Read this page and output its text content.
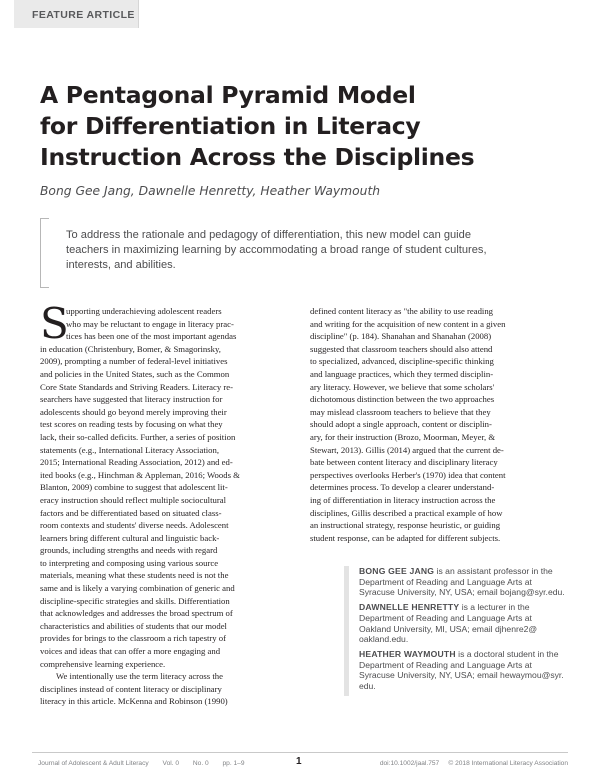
FEATURE ARTICLE
A Pentagonal Pyramid Model
for Differentiation in Literacy
Instruction Across the Disciplines
Bong Gee Jang, Dawnelle Henretty, Heather Waymouth
To address the rationale and pedagogy of differentiation, this new model can guide
teachers in maximizing learning by accommodating a broad range of student cultures,
interests, and abilities.
S
upporting underachieving adolescent readers
who may be reluctant to engage in literacy prac-
tices has been one of the most important agendas
in education (Christenbury, Bomer, & Smagorinsky,
2009), prompting a number of federal-level initiatives
and policies in the United States, such as the Common
Core State Standards and Striving Readers. Literacy re-
searchers have suggested that literacy instruction for
adolescents should go beyond merely improving their
test scores on reading tests by focusing on what they
lack, their so-called deficits. Further, a series of position
statements (e.g., International Literacy Association,
2015; International Reading Association, 2012) and ed-
ited books (e.g., Hinchman & Appleman, 2016; Woods &
Blanton, 2009) combine to suggest that adolescent lit-
eracy instruction should reflect multiple sociocultural
factors and be differentiated based on situated class-
room contexts and students' diverse needs. Adolescent
learners bring different cultural and linguistic back-
grounds, including strengths and needs with regard
to interpreting and composing using various source
materials, meaning what these students need is not the
same and is likely a varying combination of generic and
discipline-specific strategies and skills. Differentiation
that acknowledges and addresses the broad spectrum of
characteristics and abilities of students that our model
provides for brings to the classroom a rich tapestry of
voices and ideas that can offer a more engaging and
comprehensive learning experience.
We intentionally use the term literacy across the
disciplines instead of content literacy or disciplinary
literacy in this article. McKenna and Robinson (1990)
defined content literacy as "the ability to use reading
and writing for the acquisition of new content in a given
discipline" (p. 184). Shanahan and Shanahan (2008)
suggested that classroom teachers should also attend
to specialized, advanced, discipline-specific thinking
and language practices, which they termed disciplin-
ary literacy. However, we believe that some scholars'
dichotomous distinction between the two approaches
may mislead classroom teachers to believe that they
should adopt a single approach, content or disciplin-
ary, for their instruction (Brozo, Moorman, Meyer, &
Stewart, 2013). Gillis (2014) argued that the current de-
bate between content literacy and disciplinary literacy
perspectives overlooks Herber's (1970) idea that content
determines process. To develop a clearer understand-
ing of differentiation in literacy instruction across the
disciplines, Gillis described a practical example of how
an instructional strategy, response heuristic, or guiding
student response, can be adapted for different subjects.
BONG GEE JANG is an assistant professor in the
Department of Reading and Language Arts at
Syracuse University, NY, USA; email bojang@syr.edu.
DAWNELLE HENRETTY is a lecturer in the
Department of Reading and Language Arts at
Oakland University, MI, USA; email djhenre2@
oakland.edu.
HEATHER WAYMOUTH is a doctoral student in the
Department of Reading and Language Arts at
Syracuse University, NY, USA; email hewaymou@syr.
edu.
Journal of Adolescent & Adult Literacy Vol. 0 No. 0 pp. 1–9	1	doi:10.1002/jaal.757 © 2018 International Literacy Association
